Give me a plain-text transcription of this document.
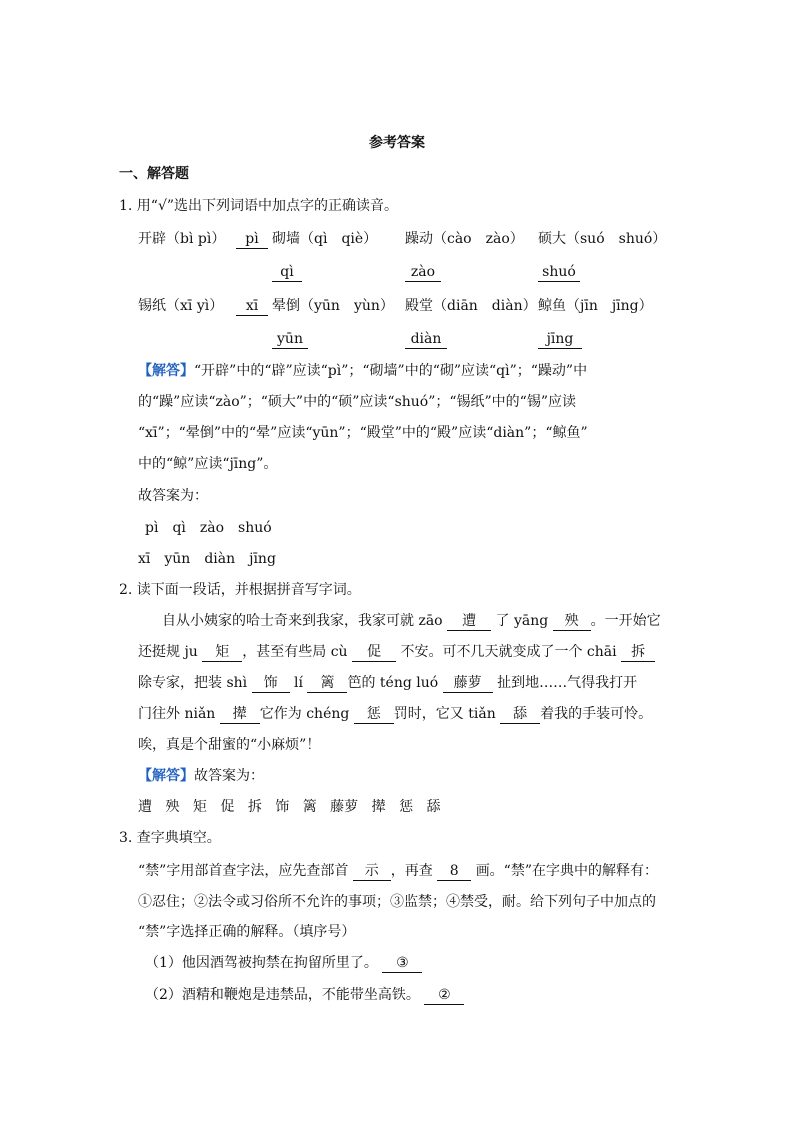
参考答案
一、解答题
1. 用“√”选出下列词语中加点字的正确读音。
开辟（bì pì）	pì 砌墙（qì　qiè） 躁动（cào　zào） 硕大（suó　shuó）
qì	zào	shuó
锡纸（xī yì）	xī 晕倒（yūn　yùn） 殿堂（diān　diàn） 鲸鱼（jīn　jīng）
yūn	diàn	jīng
【解答】“开辟”中的“辟”应读“pì”；“砌墙”中的“砌”应读“qì”；“躁动”中
的“躁”应读“zào”；“硕大”中的“硕”应读“shuó”；“锡纸”中的“锡”应读
“xī”；“晕倒”中的“晕”应读“yūn”；“殿堂”中的“殿”应读“diàn”；“鲸鱼”
中的“鲸”应读“jīng”。
故答案为：
pì　qì　zào　shuó
xī　yūn　diàn　jīng
2. 读下面一段话，并根据拼音写字词。
自从小姨家的哈士奇来到我家，我家可就 zāo 遭 了 yāng 殃 。一开始它
还挺规 ju 矩 ，甚至有些局 cù 促 不安。可不几天就变成了一个 chāi 拆
除专家，把装 shì 饰 lí 篱 笆的 téng luó 藤萝 扯到地……气得我打开
门往外 niǎn 撵 它作为 chéng 惩 罚时，它又 tiǎn 舔 着我的手装可怜。
唉，真是个甜蜜的“小麻烦”！
【解答】故答案为：
遭 殃 矩 促 拆 饰 篱 藤萝 撵 惩 舔
3. 查字典填空。
“禁”字用部首查字法，应先查部首 示 ，再查 8 画。“禁”在字典中的解释有：
①忍住；②法令或习俗所不允许的事项；③监禁；④禁受，耐。给下列句子中加点的
“禁”字选择正确的解释。（填序号）
（1）他因酒驾被拘禁在拘留所里了。 ③
（2）酒精和鞭炮是违禁品，不能带坐高铁。 ②
